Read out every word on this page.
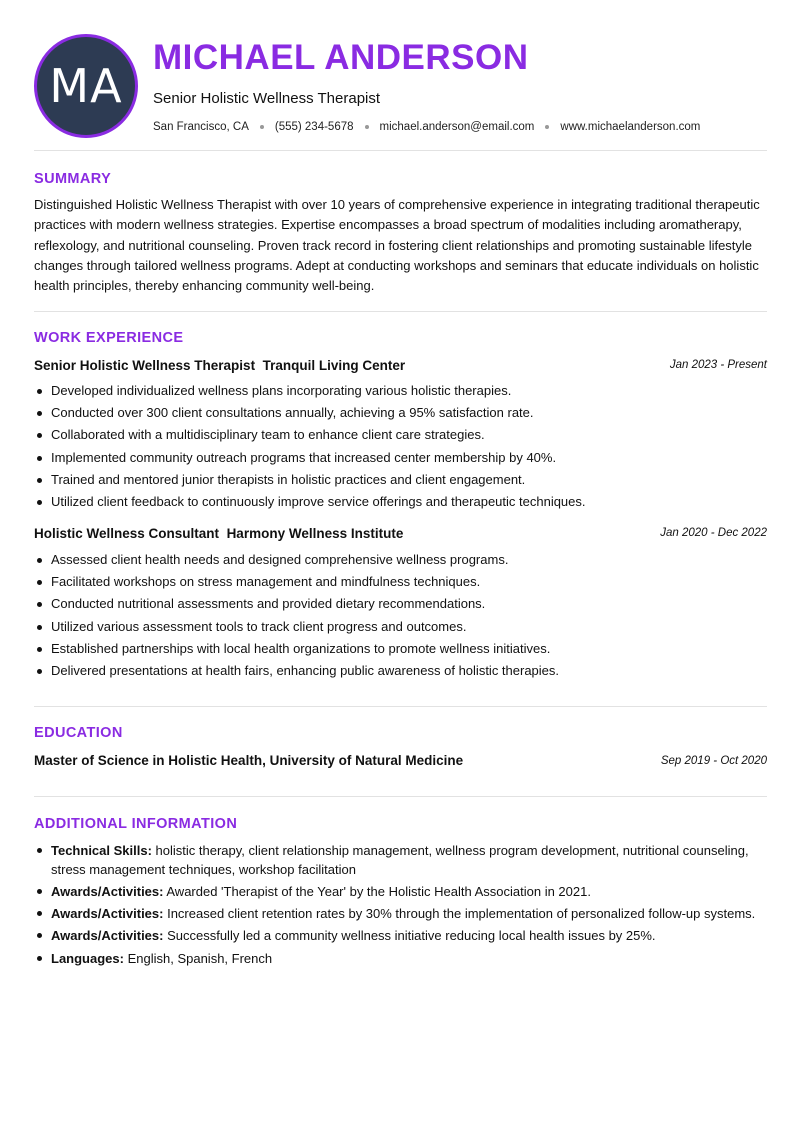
MA
MICHAEL ANDERSON
Senior Holistic Wellness Therapist
San Francisco, CA (555) 234-5678 michael.anderson@email.com www.michaelanderson.com
SUMMARY
Distinguished Holistic Wellness Therapist with over 10 years of comprehensive experience in integrating traditional therapeutic practices with modern wellness strategies. Expertise encompasses a broad spectrum of modalities including aromatherapy, reflexology, and nutritional counseling. Proven track record in fostering client relationships and promoting sustainable lifestyle changes through tailored wellness programs. Adept at conducting workshops and seminars that educate individuals on holistic health principles, thereby enhancing community well-being.
WORK EXPERIENCE
Senior Holistic Wellness Therapist Tranquil Living Center	Jan 2023 - Present
Developed individualized wellness plans incorporating various holistic therapies.
Conducted over 300 client consultations annually, achieving a 95% satisfaction rate.
Collaborated with a multidisciplinary team to enhance client care strategies.
Implemented community outreach programs that increased center membership by 40%.
Trained and mentored junior therapists in holistic practices and client engagement.
Utilized client feedback to continuously improve service offerings and therapeutic techniques.
Holistic Wellness Consultant Harmony Wellness Institute	Jan 2020 - Dec 2022
Assessed client health needs and designed comprehensive wellness programs.
Facilitated workshops on stress management and mindfulness techniques.
Conducted nutritional assessments and provided dietary recommendations.
Utilized various assessment tools to track client progress and outcomes.
Established partnerships with local health organizations to promote wellness initiatives.
Delivered presentations at health fairs, enhancing public awareness of holistic therapies.
EDUCATION
Master of Science in Holistic Health, University of Natural Medicine	Sep 2019 - Oct 2020
ADDITIONAL INFORMATION
Technical Skills: holistic therapy, client relationship management, wellness program development, nutritional counseling, stress management techniques, workshop facilitation
Awards/Activities: Awarded 'Therapist of the Year' by the Holistic Health Association in 2021.
Awards/Activities: Increased client retention rates by 30% through the implementation of personalized follow-up systems.
Awards/Activities: Successfully led a community wellness initiative reducing local health issues by 25%.
Languages: English, Spanish, French
